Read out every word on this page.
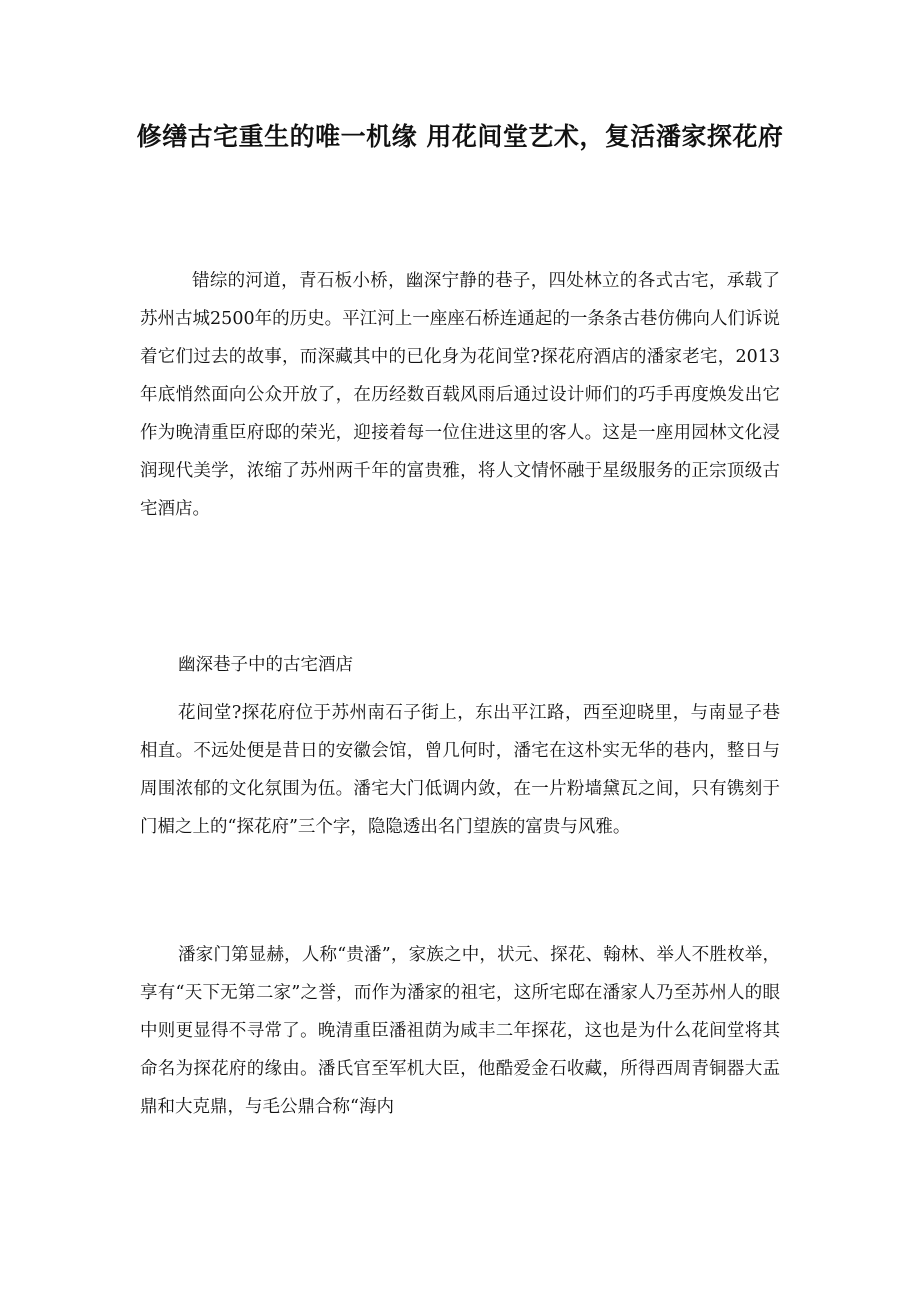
修缮古宅重生的唯一机缘 用花间堂艺术，复活潘家探花府

错综的河道，青石板小桥，幽深宁静的巷子，四处林立的各式古宅，承载了苏州古城2500年的历史。平江河上一座座石桥连通起的一条条古巷仿佛向人们诉说着它们过去的故事，而深藏其中的已化身为花间堂?探花府酒店的潘家老宅，2013年底悄然面向公众开放了，在历经数百载风雨后通过设计师们的巧手再度焕发出它作为晚清重臣府邸的荣光，迎接着每一位住进这里的客人。这是一座用园林文化浸润现代美学，浓缩了苏州两千年的富贵雅，将人文情怀融于星级服务的正宗顶级古宅酒店。

幽深巷子中的古宅酒店

花间堂?探花府位于苏州南石子街上，东出平江路，西至迎晓里，与南显子巷相直。不远处便是昔日的安徽会馆，曾几何时，潘宅在这朴实无华的巷内，整日与周围浓郁的文化氛围为伍。潘宅大门低调内敛，在一片粉墙黛瓦之间，只有镌刻于门楣之上的“探花府”三个字，隐隐透出名门望族的富贵与风雅。

潘家门第显赫，人称“贵潘”，家族之中，状元、探花、翰林、举人不胜枚举，享有“天下无第二家”之誉，而作为潘家的祖宅，这所宅邸在潘家人乃至苏州人的眼中则更显得不寻常了。晚清重臣潘祖荫为咸丰二年探花，这也是为什么花间堂将其命名为探花府的缘由。潘氏官至军机大臣，他酷爱金石收藏，所得西周青铜器大盂鼎和大克鼎，与毛公鼎合称“海内
